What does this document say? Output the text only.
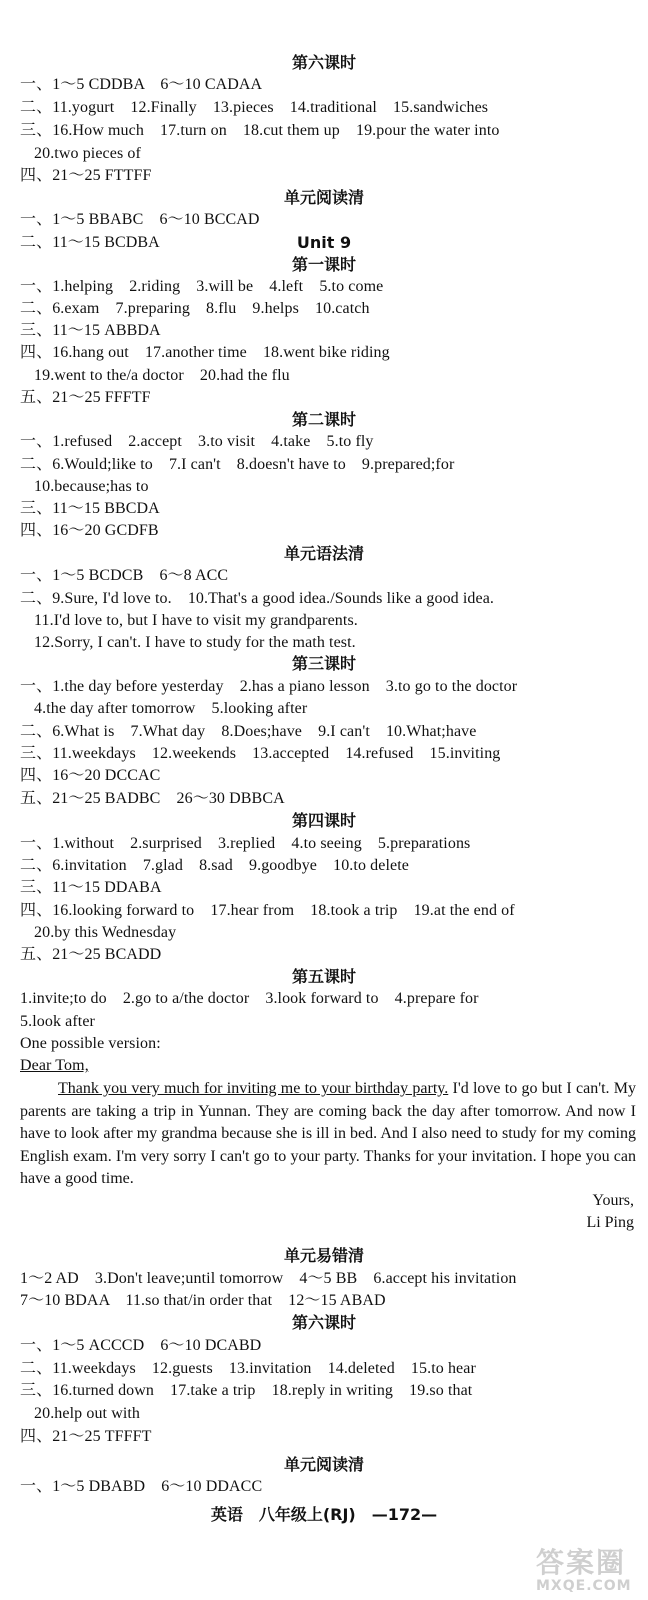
第六课时
一、1～5 CDDBA　6～10 CADAA
二、11.yogurt　12.Finally　13.pieces　14.traditional　15.sandwiches
三、16.How much　17.turn on　18.cut them up　19.pour the water into
20.two pieces of
四、21～25 FTTFF
单元阅读清
一、1～5 BBABC　6～10 BCCAD
二、11～15 BCDBA	Unit 9
第一课时
一、1.helping　2.riding　3.will be　4.left　5.to come
二、6.exam　7.preparing　8.flu　9.helps　10.catch
三、11～15 ABBDA
四、16.hang out　17.another time　18.went bike riding
19.went to the/a doctor　20.had the flu
五、21～25 FFFTF
第二课时
一、1.refused　2.accept　3.to visit　4.take　5.to fly
二、6.Would;like to　7.I can't　8.doesn't have to　9.prepared;for
10.because;has to
三、11～15 BBCDA
四、16～20 GCDFB
单元语法清
一、1～5 BCDCB　6～8 ACC
二、9.Sure, I'd love to.　10.That's a good idea./Sounds like a good idea.
11.I'd love to, but I have to visit my grandparents.
12.Sorry, I can't. I have to study for the math test.
第三课时
一、1.the day before yesterday　2.has a piano lesson　3.to go to the doctor
4.the day after tomorrow　5.looking after
二、6.What is　7.What day　8.Does;have　9.I can't　10.What;have
三、11.weekdays　12.weekends　13.accepted　14.refused　15.inviting
四、16～20 DCCAC
五、21～25 BADBC　26～30 DBBCA
第四课时
一、1.without　2.surprised　3.replied　4.to seeing　5.preparations
二、6.invitation　7.glad　8.sad　9.goodbye　10.to delete
三、11～15 DDABA
四、16.looking forward to　17.hear from　18.took a trip　19.at the end of
20.by this Wednesday
五、21～25 BCADD
第五课时
1.invite;to do　2.go to a/the doctor　3.look forward to　4.prepare for
5.look after
One possible version:
Dear Tom,
Thank you very much for inviting me to your birthday party. I'd love to go but I can't. My parents are taking a trip in Yunnan. They are coming back the day after tomorrow. And now I have to look after my grandma because she is ill in bed. And I also need to study for my coming English exam. I'm very sorry I can't go to your party. Thanks for your invitation. I hope you can have a good time.
Yours,
Li Ping
单元易错清
1～2 AD　3.Don't leave;until tomorrow　4～5 BB　6.accept his invitation
7～10 BDAA　11.so that/in order that　12～15 ABAD
第六课时
一、1～5 ACCCD　6～10 DCABD
二、11.weekdays　12.guests　13.invitation　14.deleted　15.to hear
三、16.turned down　17.take a trip　18.reply in writing　19.so that
20.help out with
四、21～25 TFFFT
单元阅读清
一、1～5 DBABD　6～10 DDACC
英语　八年级上(RJ)　—172—
答案圈
MXQE.COM
